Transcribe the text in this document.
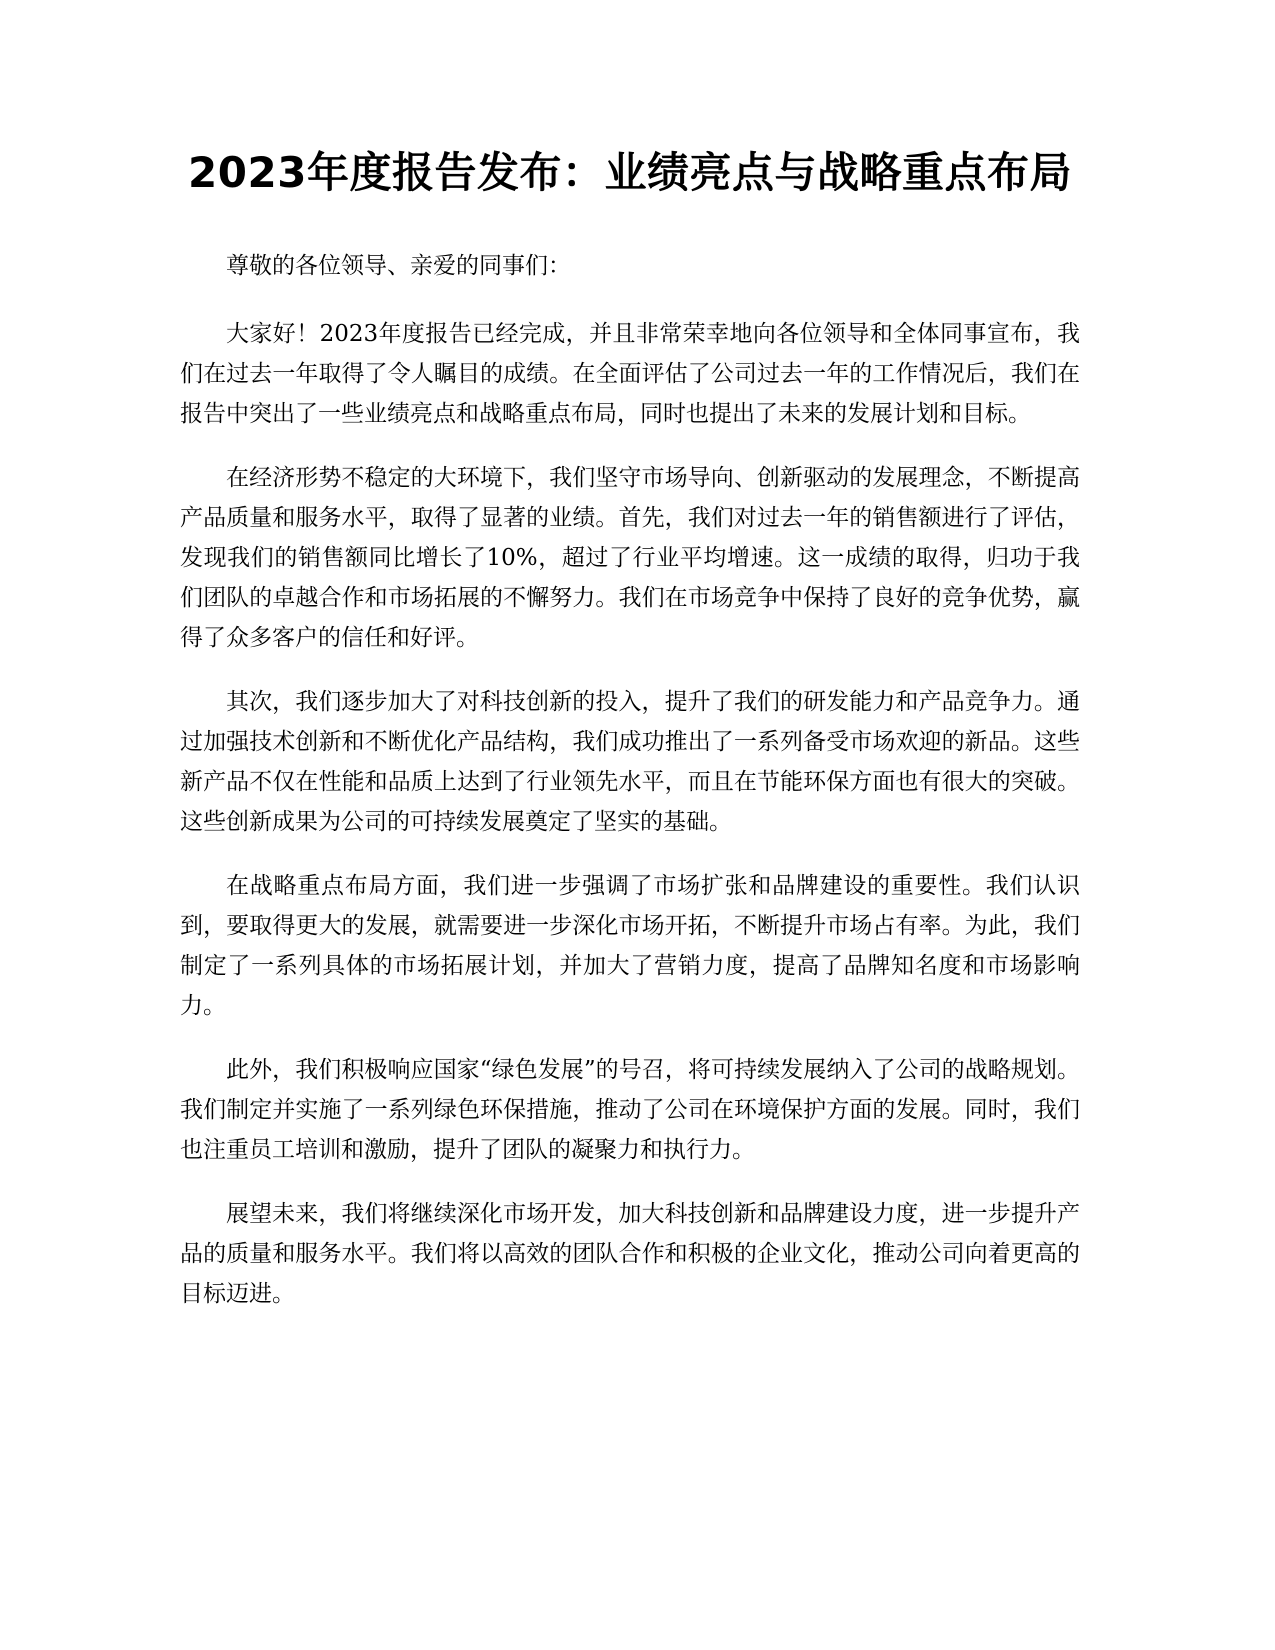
2023年度报告发布：业绩亮点与战略重点布局

尊敬的各位领导、亲爱的同事们：

大家好！2023年度报告已经完成，并且非常荣幸地向各位领导和全体同事宣布，我们在过去一年取得了令人瞩目的成绩。在全面评估了公司过去一年的工作情况后，我们在报告中突出了一些业绩亮点和战略重点布局，同时也提出了未来的发展计划和目标。

在经济形势不稳定的大环境下，我们坚守市场导向、创新驱动的发展理念，不断提高产品质量和服务水平，取得了显著的业绩。首先，我们对过去一年的销售额进行了评估，发现我们的销售额同比增长了10%，超过了行业平均增速。这一成绩的取得，归功于我们团队的卓越合作和市场拓展的不懈努力。我们在市场竞争中保持了良好的竞争优势，赢得了众多客户的信任和好评。

其次，我们逐步加大了对科技创新的投入，提升了我们的研发能力和产品竞争力。通过加强技术创新和不断优化产品结构，我们成功推出了一系列备受市场欢迎的新品。这些新产品不仅在性能和品质上达到了行业领先水平，而且在节能环保方面也有很大的突破。这些创新成果为公司的可持续发展奠定了坚实的基础。

在战略重点布局方面，我们进一步强调了市场扩张和品牌建设的重要性。我们认识到，要取得更大的发展，就需要进一步深化市场开拓，不断提升市场占有率。为此，我们制定了一系列具体的市场拓展计划，并加大了营销力度，提高了品牌知名度和市场影响力。

此外，我们积极响应国家“绿色发展”的号召，将可持续发展纳入了公司的战略规划。我们制定并实施了一系列绿色环保措施，推动了公司在环境保护方面的发展。同时，我们也注重员工培训和激励，提升了团队的凝聚力和执行力。

展望未来，我们将继续深化市场开发，加大科技创新和品牌建设力度，进一步提升产品的质量和服务水平。我们将以高效的团队合作和积极的企业文化，推动公司向着更高的目标迈进。
